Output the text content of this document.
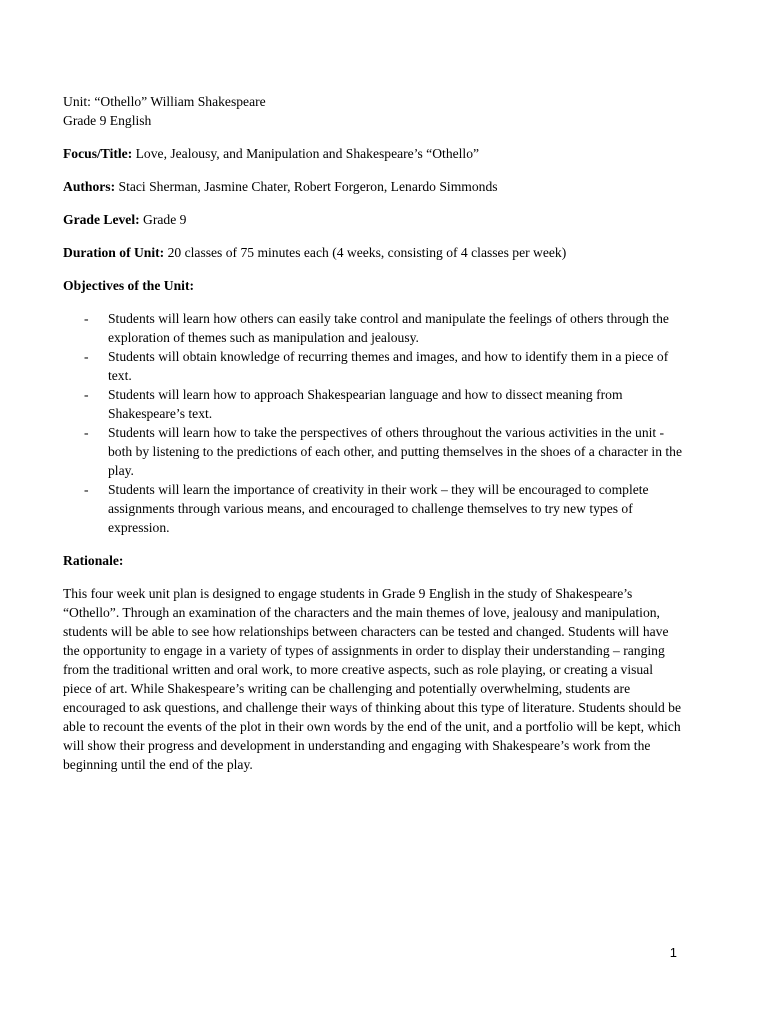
Unit: “Othello” William Shakespeare

Grade 9 English

Focus/Title: Love, Jealousy, and Manipulation and Shakespeare’s “Othello”

Authors: Staci Sherman, Jasmine Chater, Robert Forgeron, Lenardo Simmonds

Grade Level: Grade 9

Duration of Unit: 20 classes of 75 minutes each (4 weeks, consisting of 4 classes per week)

Objectives of the Unit:

- Students will learn how others can easily take control and manipulate the feelings of others through the exploration of themes such as manipulation and jealousy.
- Students will obtain knowledge of recurring themes and images, and how to identify them in a piece of text.
- Students will learn how to approach Shakespearian language and how to dissect meaning from Shakespeare’s text.
- Students will learn how to take the perspectives of others throughout the various activities in the unit - both by listening to the predictions of each other, and putting themselves in the shoes of a character in the play.
- Students will learn the importance of creativity in their work – they will be encouraged to complete assignments through various means, and encouraged to challenge themselves to try new types of expression.

Rationale:

This four week unit plan is designed to engage students in Grade 9 English in the study of Shakespeare’s “Othello”. Through an examination of the characters and the main themes of love, jealousy and manipulation, students will be able to see how relationships between characters can be tested and changed. Students will have the opportunity to engage in a variety of types of assignments in order to display their understanding – ranging from the traditional written and oral work, to more creative aspects, such as role playing, or creating a visual piece of art. While Shakespeare’s writing can be challenging and potentially overwhelming, students are encouraged to ask questions, and challenge their ways of thinking about this type of literature. Students should be able to recount the events of the plot in their own words by the end of the unit, and a portfolio will be kept, which will show their progress and development in understanding and engaging with Shakespeare’s work from the beginning until the end of the play.

1
